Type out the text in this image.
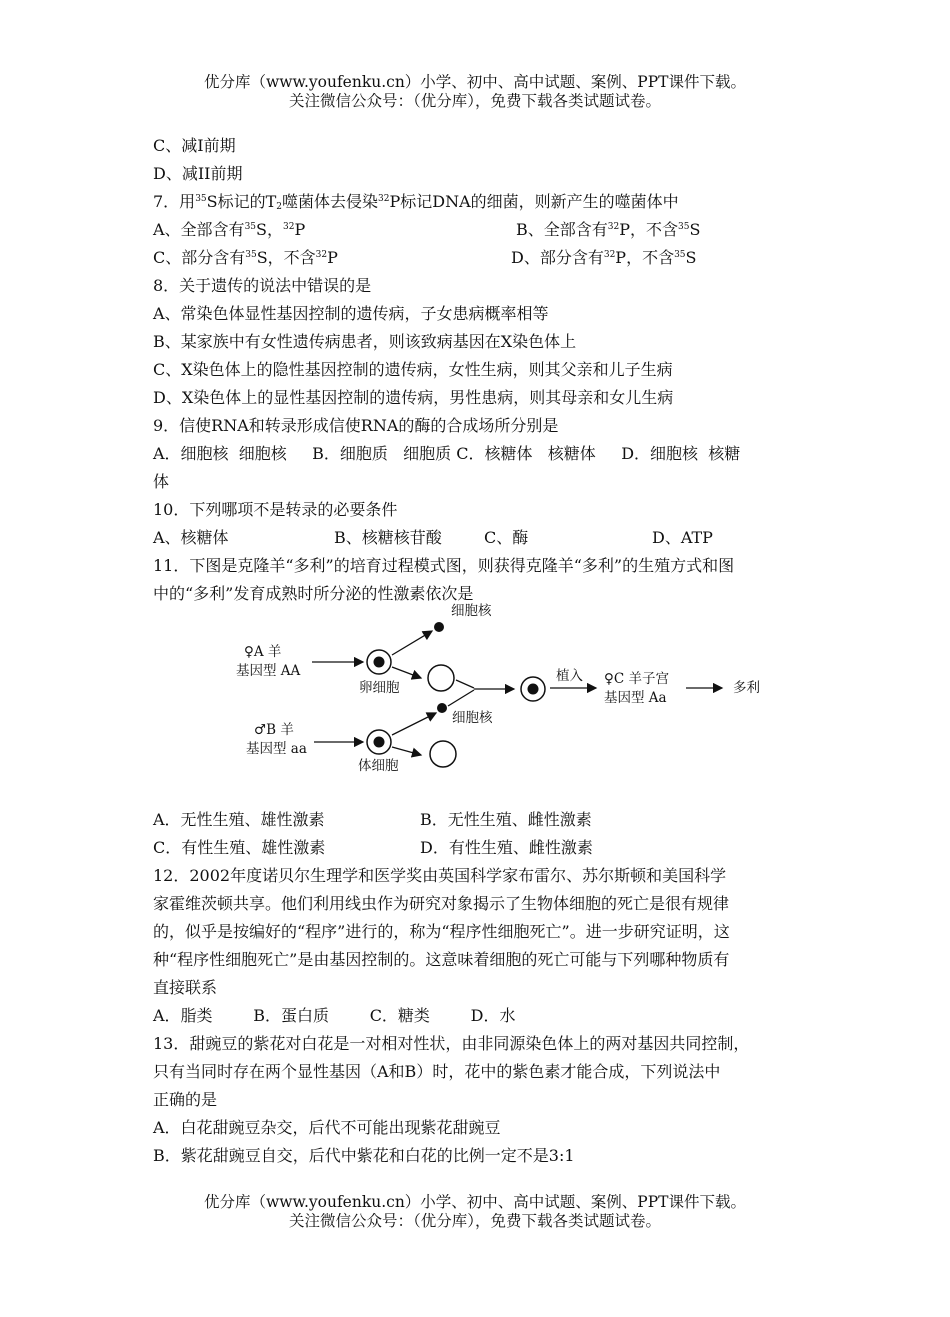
优分库（www.youfenku.cn）小学、初中、高中试题、案例、PPT课件下载。
关注微信公众号：（优分库），免费下载各类试题试卷。
C、减Ⅰ前期
D、减ⅠI前期
7．用$^{35}$S标记的$T_2$噬菌体去侵染$^{32}$P标记DNA的细菌，则新产生的噬菌体中
A、全部含有$^{35}$S，$^{32}$P	B、全部含有$^{32}$P，不含$^{35}$S
C、部分含有$^{35}$S，不含$^{32}$P	D、部分含有$^{32}$P，不含$^{35}$S
8．关于遗传的说法中错误的是
A、常染色体显性基因控制的遗传病，子女患病概率相等
B、某家族中有女性遗传病患者，则该致病基因在X染色体上
C、X染色体上的隐性基因控制的遗传病，女性生病，则其父亲和儿子生病
D、X染色体上的显性基因控制的遗传病，男性患病，则其母亲和女儿生病
9．信使RNA和转录形成信使RNA的酶的合成场所分别是
A．细胞核  细胞核     B．细胞质   细胞质 C．核糖体   核糖体     D．细胞核  核糖
体
10．下列哪项不是转录的必要条件
A、核糖体	B、核糖核苷酸	C、酶	D、ATP
11．下图是克隆羊“多利”的培育过程模式图，则获得克隆羊“多利”的生殖方式和图
中的“多利”发育成熟时所分泌的性激素依次是
♀A 羊
基因型 AA
卵细胞
细胞核
♂B 羊
基因型 aa
体细胞
细胞核
植入 ♀C 羊子宫
基因型 Aa
多利
A．无性生殖、雄性激素	B．无性生殖、雌性激素
C．有性生殖、雄性激素	D．有性生殖、雌性激素
12．2002年度诺贝尔生理学和医学奖由英国科学家布雷尔、苏尔斯顿和美国科学
家霍维茨顿共享。他们利用线虫作为研究对象揭示了生物体细胞的死亡是很有规律
的，似乎是按编好的“程序”进行的，称为“程序性细胞死亡”。进一步研究证明，这
种“程序性细胞死亡”是由基因控制的。这意味着细胞的死亡可能与下列哪种物质有
直接联系
A．脂类        B．蛋白质        C．糖类        D．水
13．甜豌豆的紫花对白花是一对相对性状，由非同源染色体上的两对基因共同控制，
只有当同时存在两个显性基因（A和B）时，花中的紫色素才能合成，下列说法中
正确的是
A．白花甜豌豆杂交，后代不可能出现紫花甜豌豆
B．紫花甜豌豆自交，后代中紫花和白花的比例一定不是3:1
优分库（www.youfenku.cn）小学、初中、高中试题、案例、PPT课件下载。
关注微信公众号：（优分库），免费下载各类试题试卷。
